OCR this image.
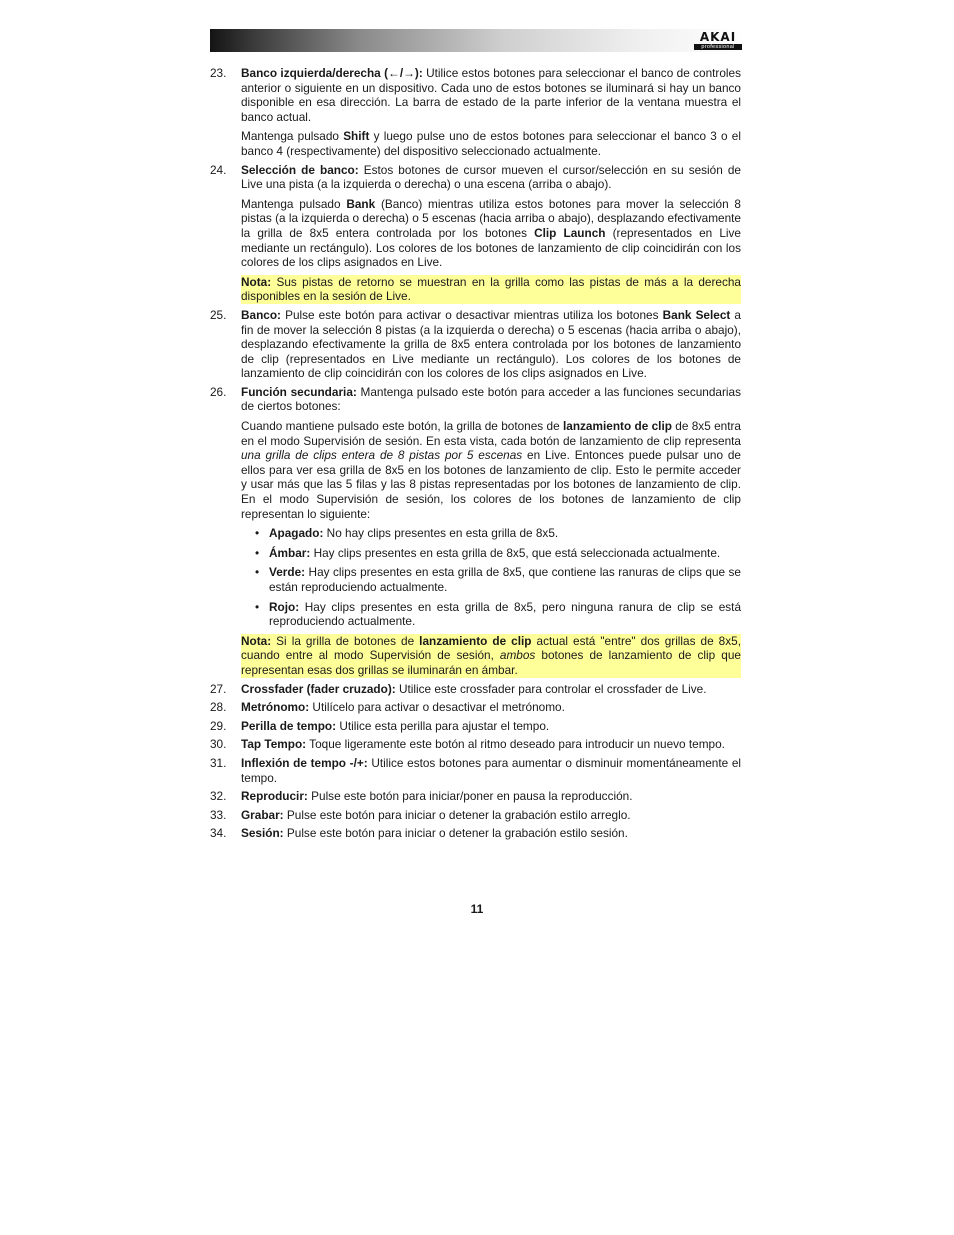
AKAI
professional
23.	Banco izquierda/derecha (←/→): Utilice estos botones para seleccionar el banco de controles anterior o siguiente en un dispositivo. Cada uno de estos botones se iluminará si hay un banco disponible en esa dirección. La barra de estado de la parte inferior de la ventana muestra el banco actual.

Mantenga pulsado Shift y luego pulse uno de estos botones para seleccionar el banco 3 o el banco 4 (respectivamente) del dispositivo seleccionado actualmente.

24.	Selección de banco: Estos botones de cursor mueven el cursor/selección en su sesión de Live una pista (a la izquierda o derecha) o una escena (arriba o abajo).

Mantenga pulsado Bank (Banco) mientras utiliza estos botones para mover la selección 8 pistas (a la izquierda o derecha) o 5 escenas (hacia arriba o abajo), desplazando efectivamente la grilla de 8x5 entera controlada por los botones Clip Launch (representados en Live mediante un rectángulo). Los colores de los botones de lanzamiento de clip coincidirán con los colores de los clips asignados en Live.

Nota: Sus pistas de retorno se muestran en la grilla como las pistas de más a la derecha disponibles en la sesión de Live.

25.	Banco: Pulse este botón para activar o desactivar mientras utiliza los botones Bank Select a fin de mover la selección 8 pistas (a la izquierda o derecha) o 5 escenas (hacia arriba o abajo), desplazando efectivamente la grilla de 8x5 entera controlada por los botones de lanzamiento de clip (representados en Live mediante un rectángulo). Los colores de los botones de lanzamiento de clip coincidirán con los colores de los clips asignados en Live.

26.	Función secundaria: Mantenga pulsado este botón para acceder a las funciones secundarias de ciertos botones:

Cuando mantiene pulsado este botón, la grilla de botones de lanzamiento de clip de 8x5 entra en el modo Supervisión de sesión. En esta vista, cada botón de lanzamiento de clip representa una grilla de clips entera de 8 pistas por 5 escenas en Live. Entonces puede pulsar uno de ellos para ver esa grilla de 8x5 en los botones de lanzamiento de clip. Esto le permite acceder y usar más que las 5 filas y las 8 pistas representadas por los botones de lanzamiento de clip. En el modo Supervisión de sesión, los colores de los botones de lanzamiento de clip representan lo siguiente:

• Apagado: No hay clips presentes en esta grilla de 8x5.
• Ámbar: Hay clips presentes en esta grilla de 8x5, que está seleccionada actualmente.
• Verde: Hay clips presentes en esta grilla de 8x5, que contiene las ranuras de clips que se están reproduciendo actualmente.
• Rojo: Hay clips presentes en esta grilla de 8x5, pero ninguna ranura de clip se está reproduciendo actualmente.

Nota: Si la grilla de botones de lanzamiento de clip actual está "entre" dos grillas de 8x5, cuando entre al modo Supervisión de sesión, ambos botones de lanzamiento de clip que representan esas dos grillas se iluminarán en ámbar.

27.	Crossfader (fader cruzado): Utilice este crossfader para controlar el crossfader de Live.

28.	Metrónomo: Utilícelo para activar o desactivar el metrónomo.

29.	Perilla de tempo: Utilice esta perilla para ajustar el tempo.

30.	Tap Tempo: Toque ligeramente este botón al ritmo deseado para introducir un nuevo tempo.

31.	Inflexión de tempo -/+: Utilice estos botones para aumentar o disminuir momentáneamente el tempo.

32.	Reproducir: Pulse este botón para iniciar/poner en pausa la reproducción.

33.	Grabar: Pulse este botón para iniciar o detener la grabación estilo arreglo.

34.	Sesión: Pulse este botón para iniciar o detener la grabación estilo sesión.

11
